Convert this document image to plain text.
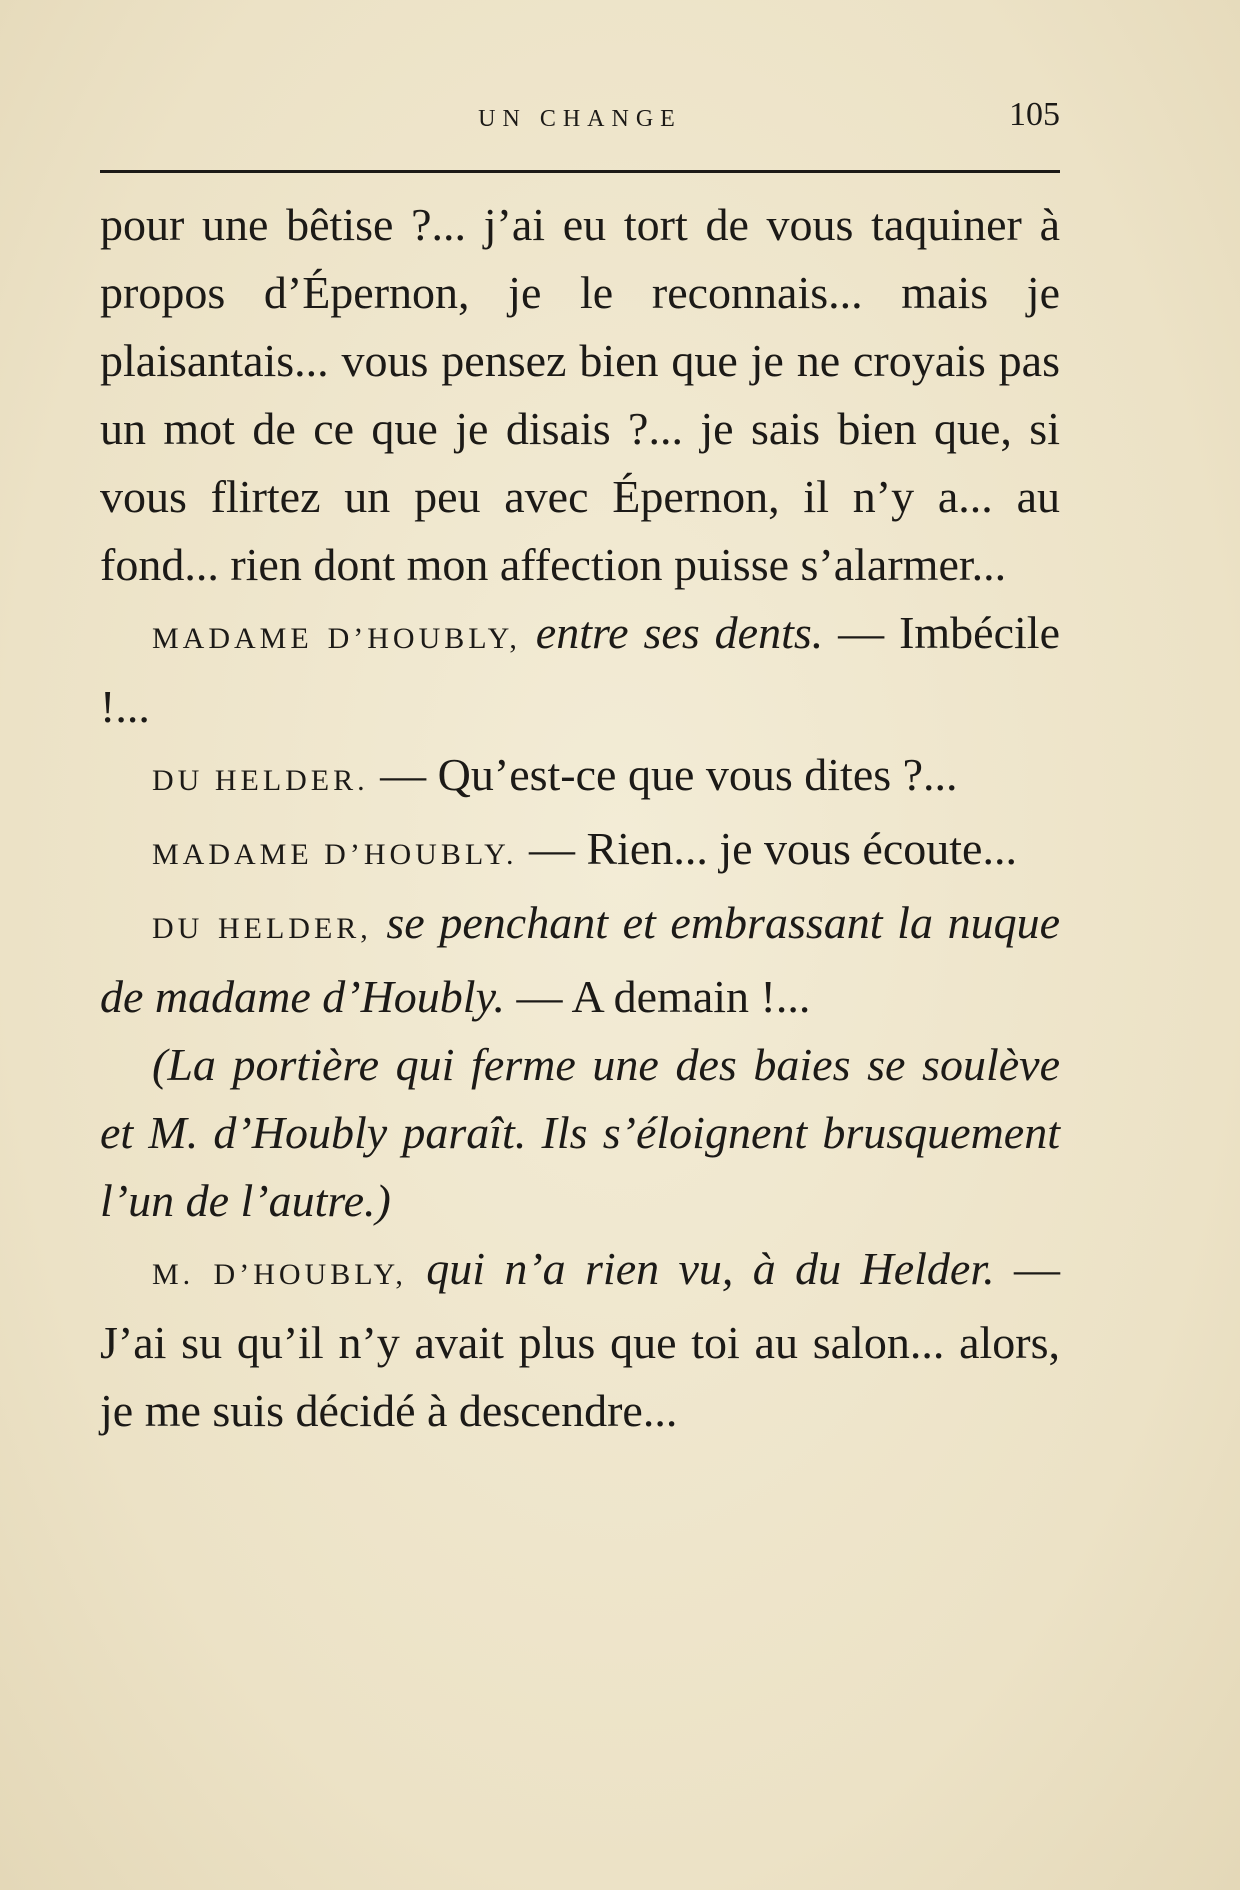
UN CHANGE	105

pour une bêtise ?... j’ai eu tort de vous taquiner à propos d’Épernon, je le reconnais... mais je plaisantais... vous pensez bien que je ne croyais pas un mot de ce que je disais ?... je sais bien que, si vous flirtez un peu avec Épernon, il n’y a... au fond... rien dont mon affection puisse s’alarmer...

MADAME D’HOUBLY, entre ses dents. — Imbécile !...

DU HELDER. — Qu’est-ce que vous dites ?...

MADAME D’HOUBLY. — Rien... je vous écoute...

DU HELDER, se penchant et embrassant la nuque de madame d’Houbly. — A demain !...

(La portière qui ferme une des baies se soulève et M. d’Houbly paraît. Ils s’éloignent brusquement l’un de l’autre.)

M. D’HOUBLY, qui n’a rien vu, à du Helder. — J’ai su qu’il n’y avait plus que toi au salon... alors, je me suis décidé à descendre...
